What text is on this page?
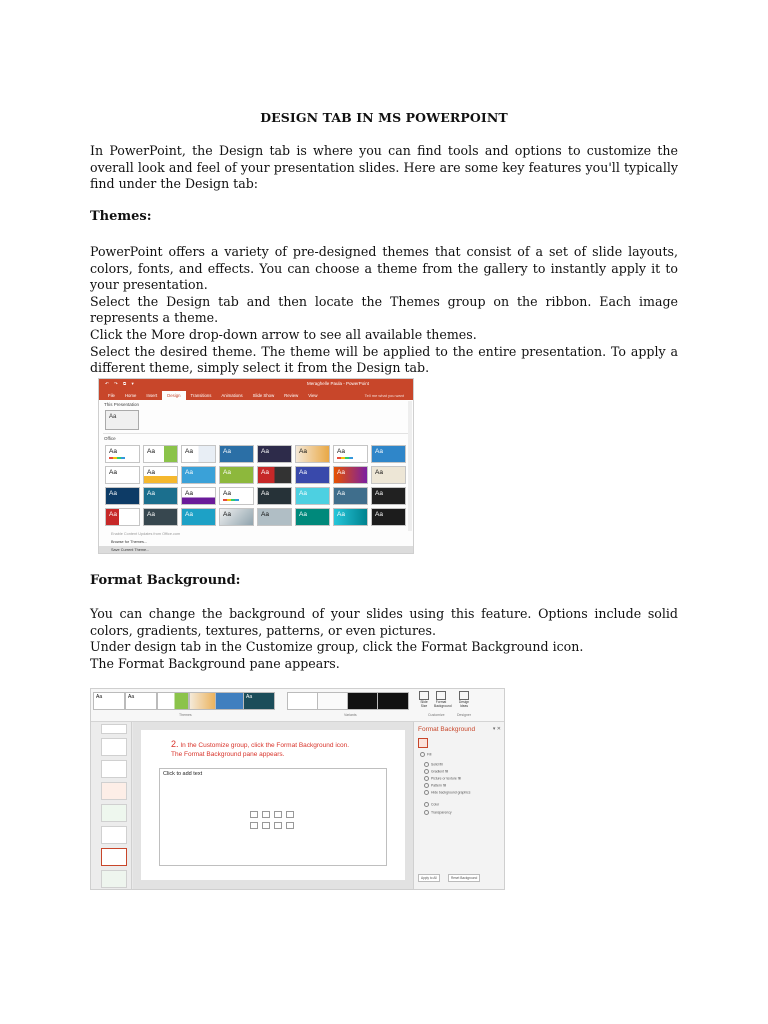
DESIGN TAB IN MS POWERPOINT

In PowerPoint, the Design tab is where you can find tools and options to customize the overall look and feel of your presentation slides. Here are some key features you'll typically find under the Design tab:

Themes:

PowerPoint offers a variety of pre-designed themes that consist of a set of slide layouts, colors, fonts, and effects. You can choose a theme from the gallery to instantly apply it to your presentation.

Select the Design tab and then locate the Themes group on the ribbon. Each image represents a theme.

Click the More drop-down arrow to see all available themes.

Select the desired theme. The theme will be applied to the entire presentation. To apply a different theme, simply select it from the Design tab.

↶ ↷ ⧉ ▾	Meraghelle Paula - PowerPoint
File	Home	Insert	Design	Transitions	Animations	Slide Show	Review	View	Tell me what you want
This Presentation
Aa
Office
Aa	Aa	Aa	Aa	Aa	Aa	Aa	Aa
Aa	Aa	Aa	Aa	Aa	Aa	Aa	Aa
Aa	Aa	Aa	Aa	Aa	Aa	Aa	Aa
Aa	Aa	Aa	Aa	Aa	Aa	Aa	Aa
Enable Content Updates from Office.com
Browse for Themes...
Save Current Theme...
Format Background:

You can change the background of your slides using this feature. Options include solid colors, gradients, textures, patterns, or even pictures.

Under design tab in the Customize group, click the Format Background icon.

The Format Background pane appears.

Aa	Aa	Aa
Themes	Variants	Customize	Designer
Slide Size
Format Background
Design Ideas
2. In the Customize group, click the Format Background icon.
The Format Background pane appears.
Click to add text
Format Background	▾ ✕
Fill
Solid fill
Gradient fill
Picture or texture fill
Pattern fill
Hide background graphics
Color
Transparency
Apply to All	Reset Background
